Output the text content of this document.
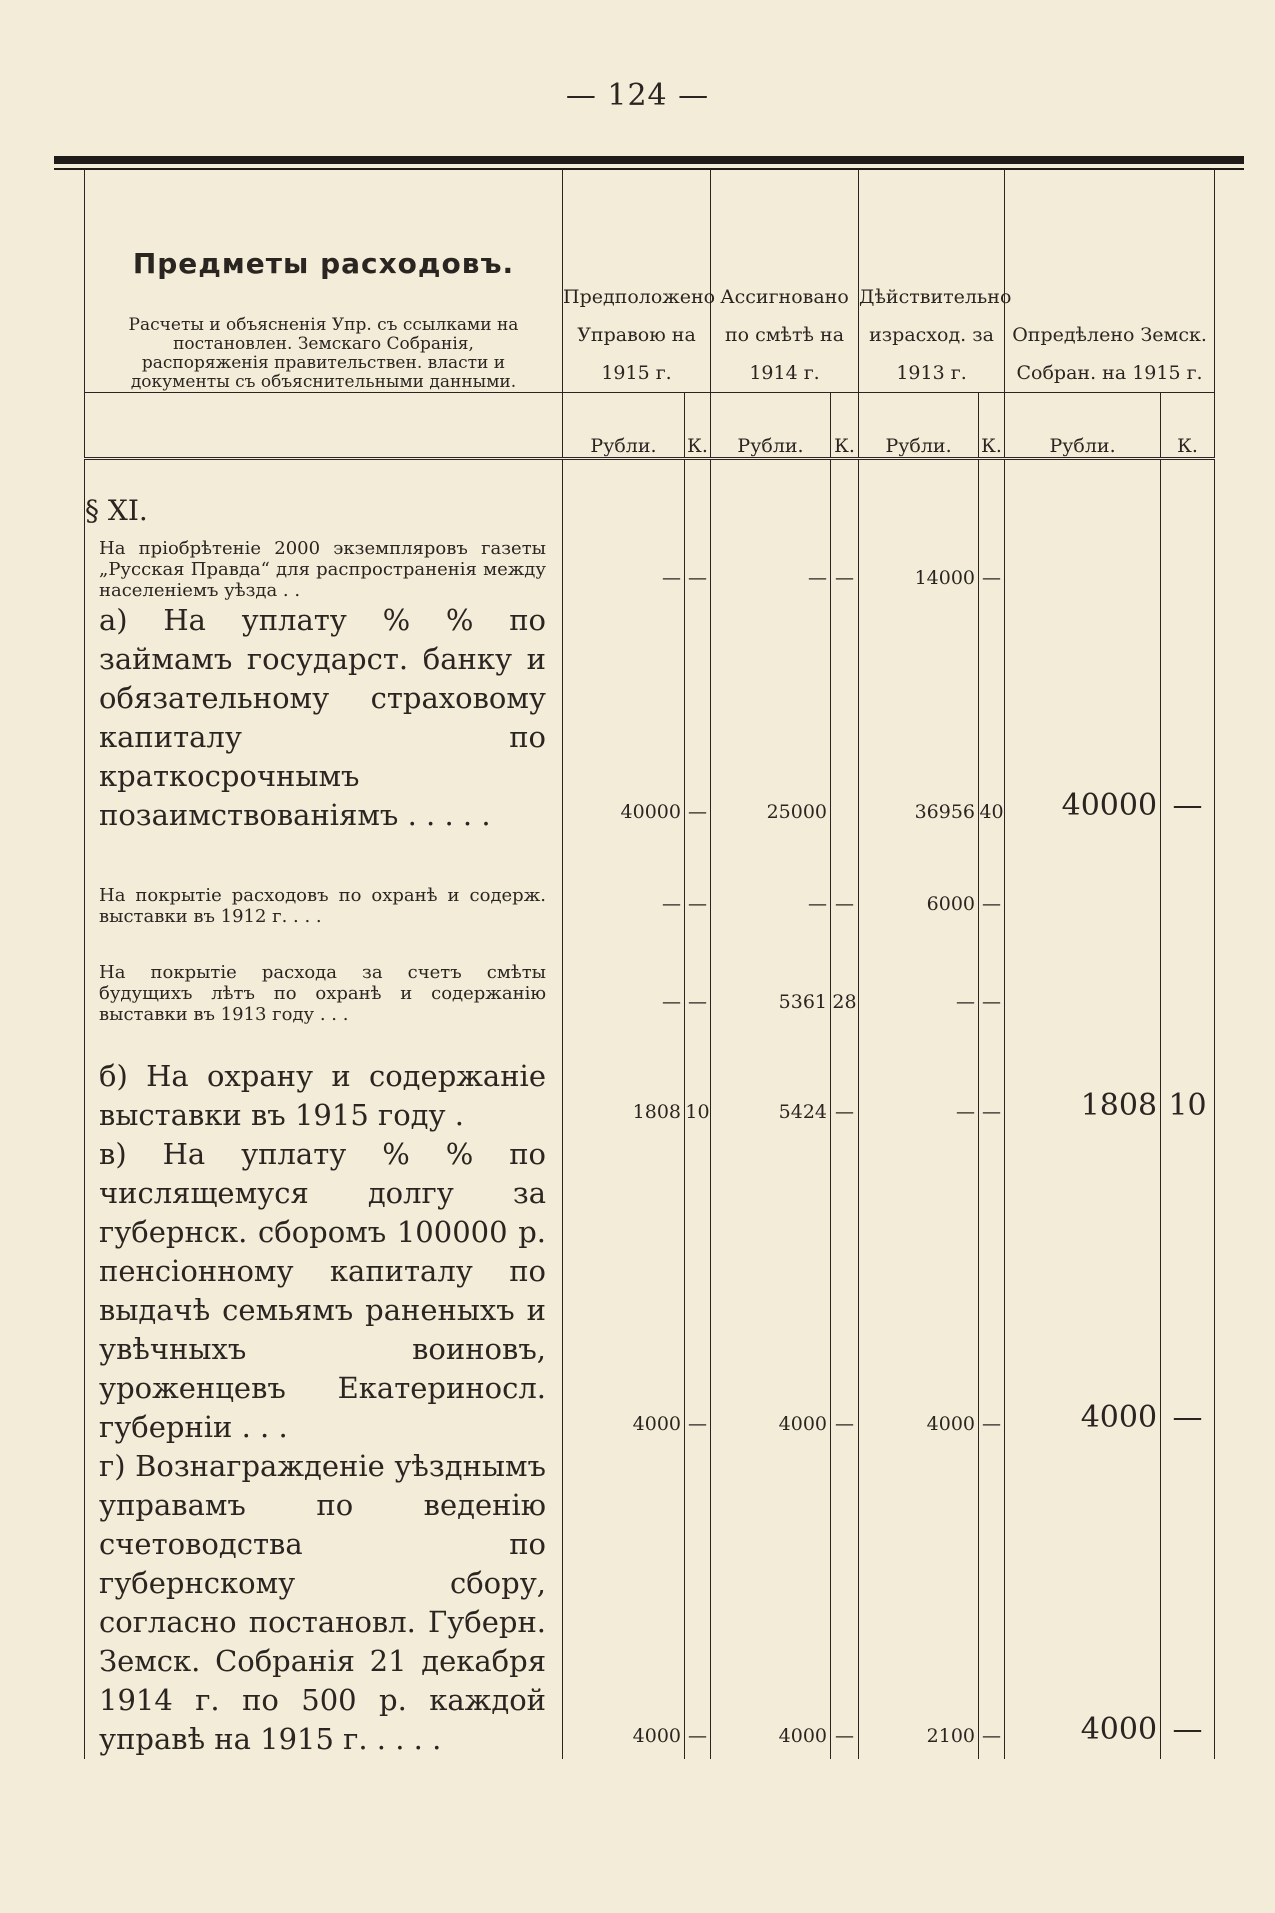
— 124 —
Предметы расходовъ.
Расчеты и объясненія Упр. съ ссылками на постановлен. Земскаго Собранія, распоряженія правительствен. власти и документы съ объяснительными данными.	Предположено Управою на 1915 г.		Ассигновано по смѣтѣ на 1914 г.		Дѣйствительно израсход. за 1913 г.		Опредѣлено Земск. Собран. на 1915 г.	
	Рубли.	К.	Рубли.	К.	Рубли.	К.	Рубли.	К.

§ XI.								
На пріобрѣтеніе 2000 экземпляровъ газеты „Русская Правда“ для распространенія между населеніемъ уѣзда . .	—	—	—	—	14000	—		
а) На уплату % % по займамъ государст. банку и обязательному страховому капиталу по краткосрочнымъ позаимствованіямъ . . . . .	40000	—	25000		36956	40	40000	—
На покрытіе расходовъ по охранѣ и содерж. выставки въ 1912 г. . . .	—	—	—	—	6000	—		
На покрытіе расхода за счетъ смѣты будущихъ лѣтъ по охранѣ и содержанію выставки въ 1913 году . . .	—	—	5361	28	—	—		
б) На охрану и содержаніе выставки въ 1915 году .	1808	10	5424	—	—	—	1808	10
в) На уплату % % по числящемуся долгу за губернск. сборомъ 100000 р. пенсіонному капиталу по выдачѣ семьямъ раненыхъ и увѣчныхъ воиновъ, уроженцевъ Екатериносл. губерніи . . .	4000	—	4000	—	4000	—	4000	—
г) Вознагражденіе уѣзднымъ управамъ по веденію счетоводства по губернскому сбору, согласно постановл. Губерн. Земск. Собранія 21 декабря 1914 г. по 500 р. каждой управѣ на 1915 г. . . . .	4000	—	4000	—	2100	—	4000	—
